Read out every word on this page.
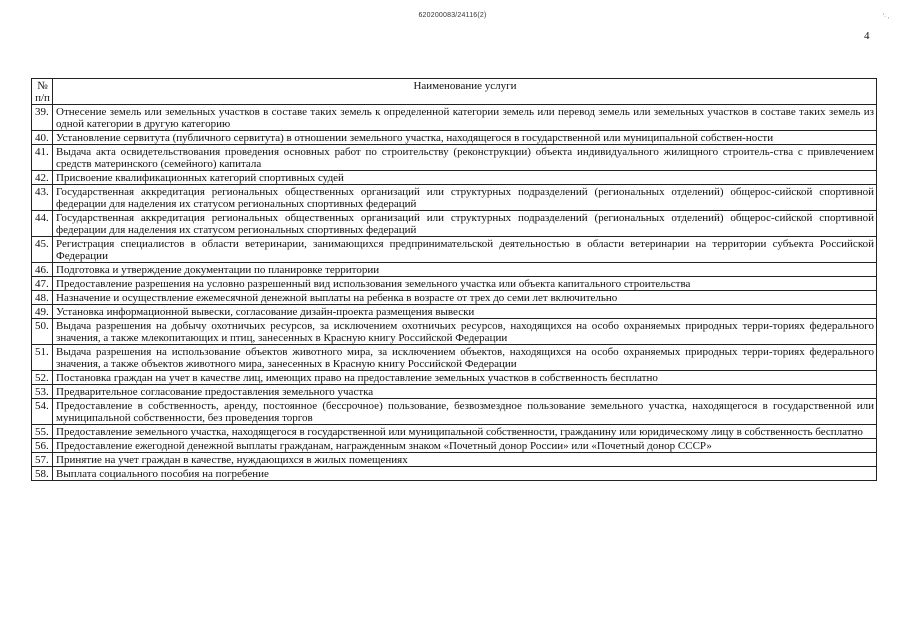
620200083/24116(2)	'· ,
4
№
п/п	Наименование услуги
39.	Отнесение земель или земельных участков в составе таких земель к определенной категории земель или перевод земель или земельных участков в составе таких земель из одной категории в другую категорию
40.	Установление сервитута (публичного сервитута) в отношении земельного участка, находящегося в государственной или муниципальной собствен-ности
41.	Выдача акта освидетельствования проведения основных работ по строительству (реконструкции) объекта индивидуального жилищного строитель-ства с привлечением средств материнского (семейного) капитала
42.	Присвоение квалификационных категорий спортивных судей
43.	Государственная аккредитация региональных общественных организаций или структурных подразделений (региональных отделений) общерос-сийской спортивной федерации для наделения их статусом региональных спортивных федераций
44.	Государственная аккредитация региональных общественных организаций или структурных подразделений (региональных отделений) общерос-сийской спортивной федерации для наделения их статусом региональных спортивных федераций
45.	Регистрация специалистов в области ветеринарии, занимающихся предпринимательской деятельностью в области ветеринарии на территории субъекта Российской Федерации
46.	Подготовка и утверждение документации по планировке территории
47.	Предоставление разрешения на условно разрешенный вид использования земельного участка или объекта капитального строительства
48.	Назначение и осуществление ежемесячной денежной выплаты на ребенка в возрасте от трех до семи лет включительно
49.	Установка информационной вывески, согласование дизайн-проекта размещения вывески
50.	Выдача разрешения на добычу охотничьих ресурсов, за исключением охотничьих ресурсов, находящихся на особо охраняемых природных терри-ториях федерального значения, а также млекопитающих и птиц, занесенных в Красную книгу Российской Федерации
51.	Выдача разрешения на использование объектов животного мира, за исключением объектов, находящихся на особо охраняемых природных терри-ториях федерального значения, а также объектов животного мира, занесенных в Красную книгу Российской Федерации
52.	Постановка граждан на учет в качестве лиц, имеющих право на предоставление земельных участков в собственность бесплатно
53.	Предварительное согласование предоставления земельного участка
54.	Предоставление в собственность, аренду, постоянное (бессрочное) пользование, безвозмездное пользование земельного участка, находящегося в государственной или муниципальной собственности, без проведения торгов
55.	Предоставление земельного участка, находящегося в государственной или муниципальной собственности, гражданину или юридическому лицу в собственность бесплатно
56.	Предоставление ежегодной денежной выплаты гражданам, награжденным знаком «Почетный донор России» или «Почетный донор СССР»
57.	Принятие на учет граждан в качестве, нуждающихся в жилых помещениях
58.	Выплата социального пособия на погребение
